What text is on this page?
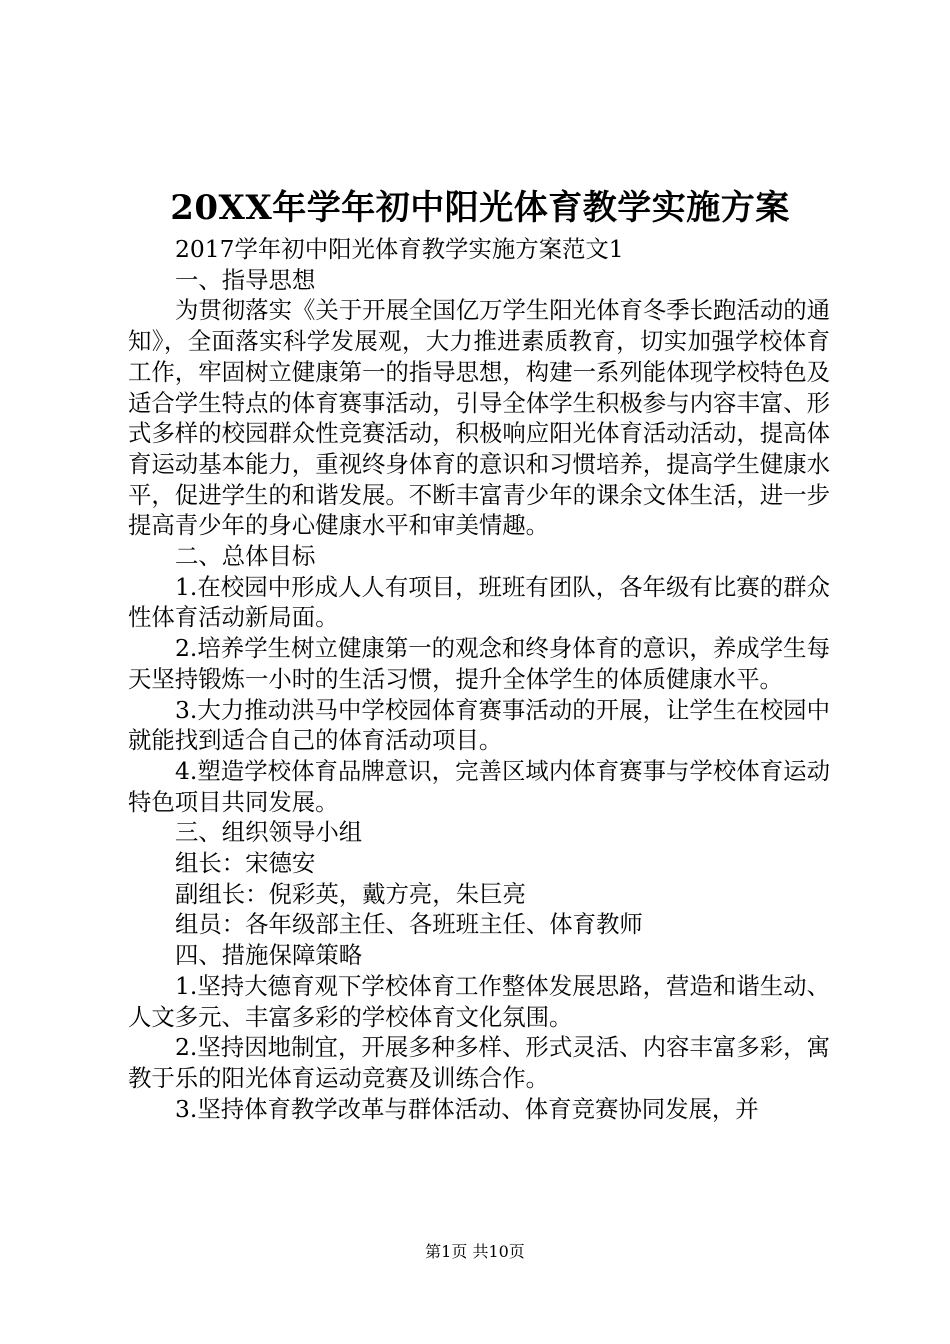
20XX年学年初中阳光体育教学实施方案

2017学年初中阳光体育教学实施方案范文1

一、指导思想

为贯彻落实《关于开展全国亿万学生阳光体育冬季长跑活动的通知》，全面落实科学发展观，大力推进素质教育，切实加强学校体育工作，牢固树立健康第一的指导思想，构建一系列能体现学校特色及适合学生特点的体育赛事活动，引导全体学生积极参与内容丰富、形式多样的校园群众性竞赛活动，积极响应阳光体育活动活动，提高体育运动基本能力，重视终身体育的意识和习惯培养，提高学生健康水平，促进学生的和谐发展。不断丰富青少年的课余文体生活，进一步提高青少年的身心健康水平和审美情趣。

二、总体目标

1.在校园中形成人人有项目，班班有团队，各年级有比赛的群众性体育活动新局面。

2.培养学生树立健康第一的观念和终身体育的意识，养成学生每天坚持锻炼一小时的生活习惯，提升全体学生的体质健康水平。

3.大力推动洪马中学校园体育赛事活动的开展，让学生在校园中就能找到适合自己的体育活动项目。

4.塑造学校体育品牌意识，完善区域内体育赛事与学校体育运动特色项目共同发展。

三、组织领导小组

组长：宋德安

副组长：倪彩英，戴方亮，朱巨亮

组员：各年级部主任、各班班主任、体育教师

四、措施保障策略

1.坚持大德育观下学校体育工作整体发展思路，营造和谐生动、人文多元、丰富多彩的学校体育文化氛围。

2.坚持因地制宜，开展多种多样、形式灵活、内容丰富多彩，寓教于乐的阳光体育运动竞赛及训练合作。

3.坚持体育教学改革与群体活动、体育竞赛协同发展，并

第1页 共10页
